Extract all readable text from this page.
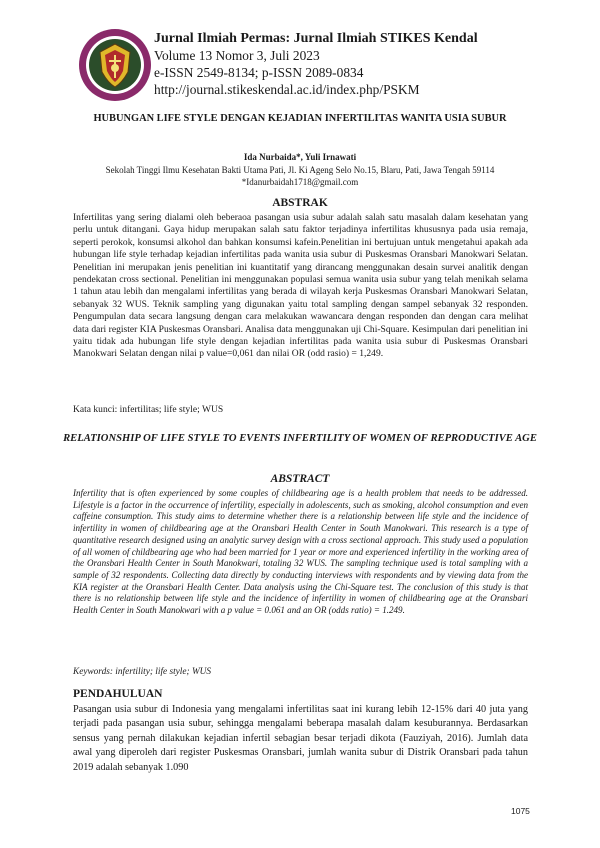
Jurnal Ilmiah Permas: Jurnal Ilmiah STIKES Kendal
Volume 13 Nomor 3, Juli 2023
e-ISSN 2549-8134; p-ISSN 2089-0834
http://journal.stikeskendal.ac.id/index.php/PSKM
HUBUNGAN LIFE STYLE DENGAN KEJADIAN INFERTILITAS WANITA USIA SUBUR
Ida Nurbaida*, Yuli Irnawati
Sekolah Tinggi Ilmu Kesehatan Bakti Utama Pati, Jl. Ki Ageng Selo No.15, Blaru, Pati, Jawa Tengah 59114
*Idanurbaidah1718@gmail.com
ABSTRAK
Infertilitas yang sering dialami oleh beberaoa pasangan usia subur adalah salah satu masalah dalam kesehatan yang perlu untuk ditangani. Gaya hidup merupakan salah satu faktor terjadinya infertilitas khususnya pada usia remaja, seperti perokok, konsumsi alkohol dan bahkan konsumsi kafein.Penelitian ini bertujuan untuk mengetahui apakah ada hubungan life style terhadap kejadian infertilitas pada wanita usia subur di Puskesmas Oransbari Manokwari Selatan. Penelitian ini merupakan jenis penelitian ini kuantitatif yang dirancang menggunakan desain survei analitik dengan pendekatan cross sectional. Penelitian ini menggunakan populasi semua wanita usia subur yang telah menikah selama 1 tahun atau lebih dan mengalami infertilitas yang berada di wilayah kerja Puskesmas Oransbari Manokwari Selatan, sebanyak 32 WUS. Teknik sampling yang digunakan yaitu total sampling dengan sampel sebanyak 32 responden. Pengumpulan data secara langsung dengan cara melakukan wawancara dengan responden dan dengan cara melihat data dari register KIA Puskesmas Oransbari. Analisa data menggunakan uji Chi-Square. Kesimpulan dari penelitian ini yaitu tidak ada hubungan life style dengan kejadian infertilitas pada wanita usia subur di Puskesmas Oransbari Manokwari Selatan dengan nilai p value=0,061 dan nilai OR (odd rasio) = 1,249.
Kata kunci: infertilitas; life style; WUS
RELATIONSHIP OF LIFE STYLE TO EVENTS INFERTILITY OF WOMEN OF REPRODUCTIVE AGE
ABSTRACT
Infertility that is often experienced by some couples of childbearing age is a health problem that needs to be addressed. Lifestyle is a factor in the occurrence of infertility, especially in adolescents, such as smoking, alcohol consumption and even caffeine consumption. This study aims to determine whether there is a relationship between life style and the incidence of infertility in women of childbearing age at the Oransbari Health Center in South Manokwari. This research is a type of quantitative research designed using an analytic survey design with a cross sectional approach. This study used a population of all women of childbearing age who had been married for 1 year or more and experienced infertility in the working area of the Oransbari Health Center in South Manokwari, totaling 32 WUS. The sampling technique used is total sampling with a sample of 32 respondents. Collecting data directly by conducting interviews with respondents and by viewing data from the KIA register at the Oransbari Health Center. Data analysis using the Chi-Square test. The conclusion of this study is that there is no relationship between life style and the incidence of infertility in women of childbearing age at the Oransbari Health Center in South Manokwari with a p value = 0.061 and an OR (odds ratio) = 1.249.
Keywords: infertility; life style; WUS
PENDAHULUAN
Pasangan usia subur di Indonesia yang mengalami infertilitas saat ini kurang lebih 12-15% dari 40 juta yang terjadi pada pasangan usia subur, sehingga mengalami beberapa masalah dalam kesuburannya. Berdasarkan sensus yang pernah dilakukan kejadian infertil sebagian besar terjadi dikota (Fauziyah, 2016). Jumlah data awal yang diperoleh dari register Puskesmas Oransbari, jumlah wanita subur di Distrik Oransbari pada tahun 2019 adalah sebanyak 1.090
1075
